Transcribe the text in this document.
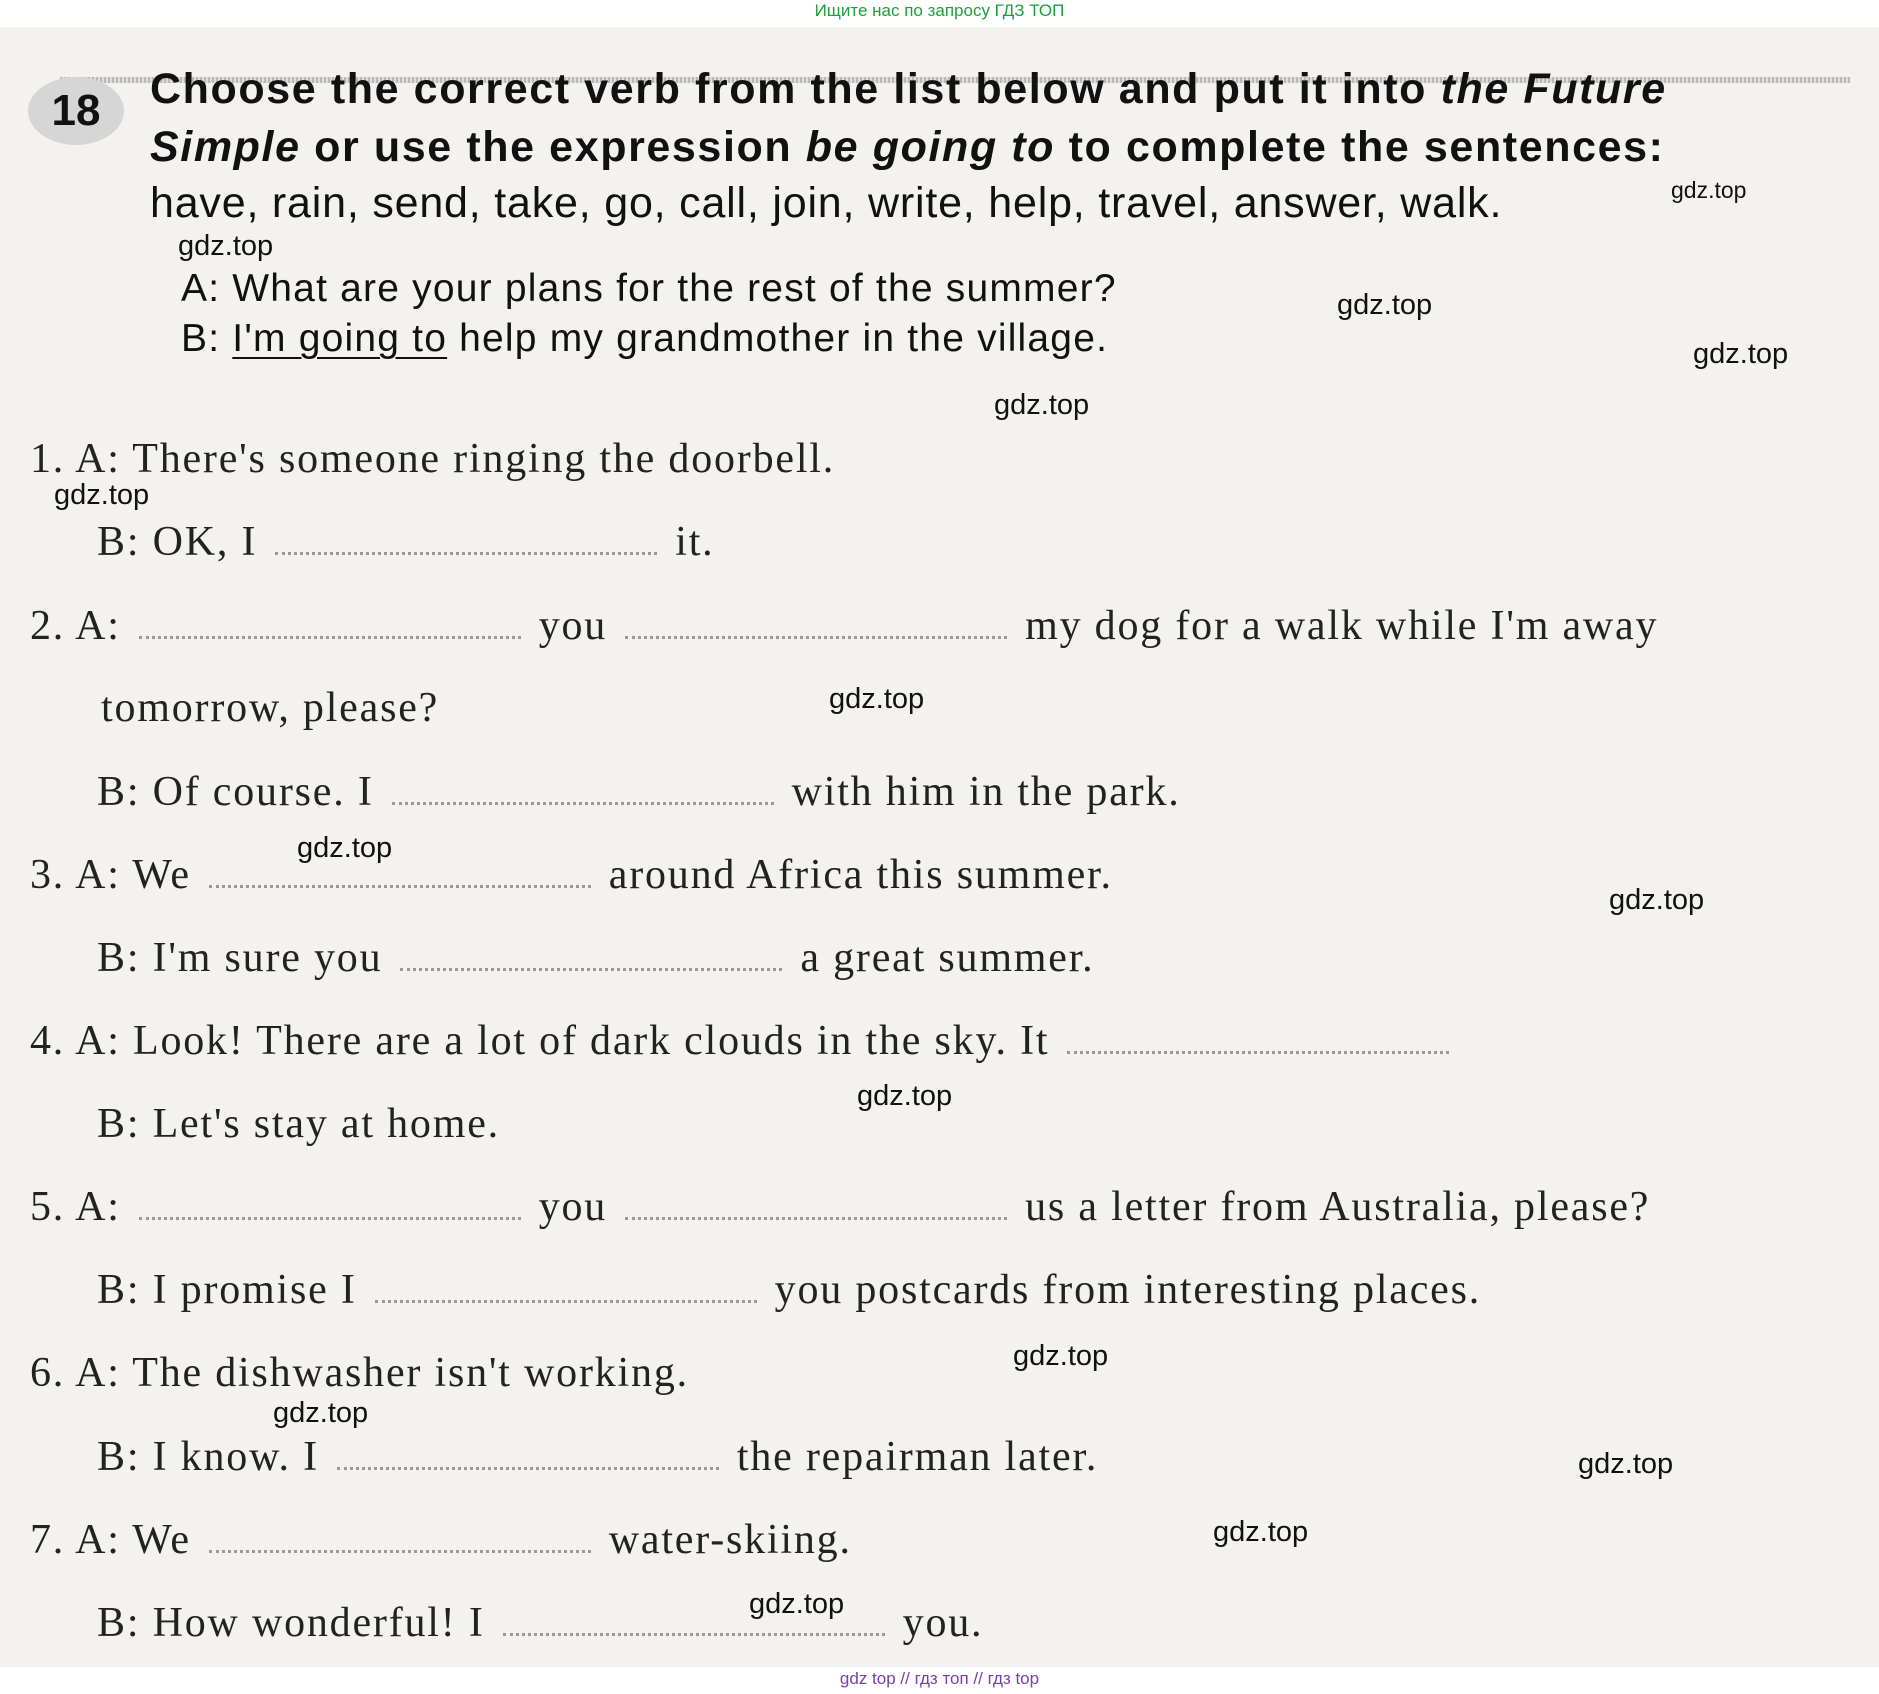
Ищите нас по запросу ГДЗ ТОП
18	Choose the correct verb from the list below and put it into the Future
Simple or use the expression be going to to complete the sentences:
have, rain, send, take, go, call, join, write, help, travel, answer, walk.
A: What are your plans for the rest of the summer?
B: I'm going to help my grandmother in the village.
1. A: There's someone ringing the doorbell.
B: OK, I	it.
2. A:	you	my dog for a walk while I'm away
tomorrow, please?
B: Of course. I	with him in the park.
3. A: We	around Africa this summer.
B: I'm sure you	a great summer.
4. A: Look! There are a lot of dark clouds in the sky. It
B: Let's stay at home.
5. A:	you	us a letter from Australia, please?
B: I promise I	you postcards from interesting places.
6. A: The dishwasher isn't working.
B: I know. I	the repairman later.
7. A: We	water-skiing.
B: How wonderful! I	you.
gdz.top
gdz.top
gdz.top
gdz.top
gdz.top
gdz.top
gdz.top
gdz.top
gdz.top
gdz.top
gdz.top
gdz.top
gdz.top
gdz.top
gdz.top
gdz top // гдз топ // гдз top
